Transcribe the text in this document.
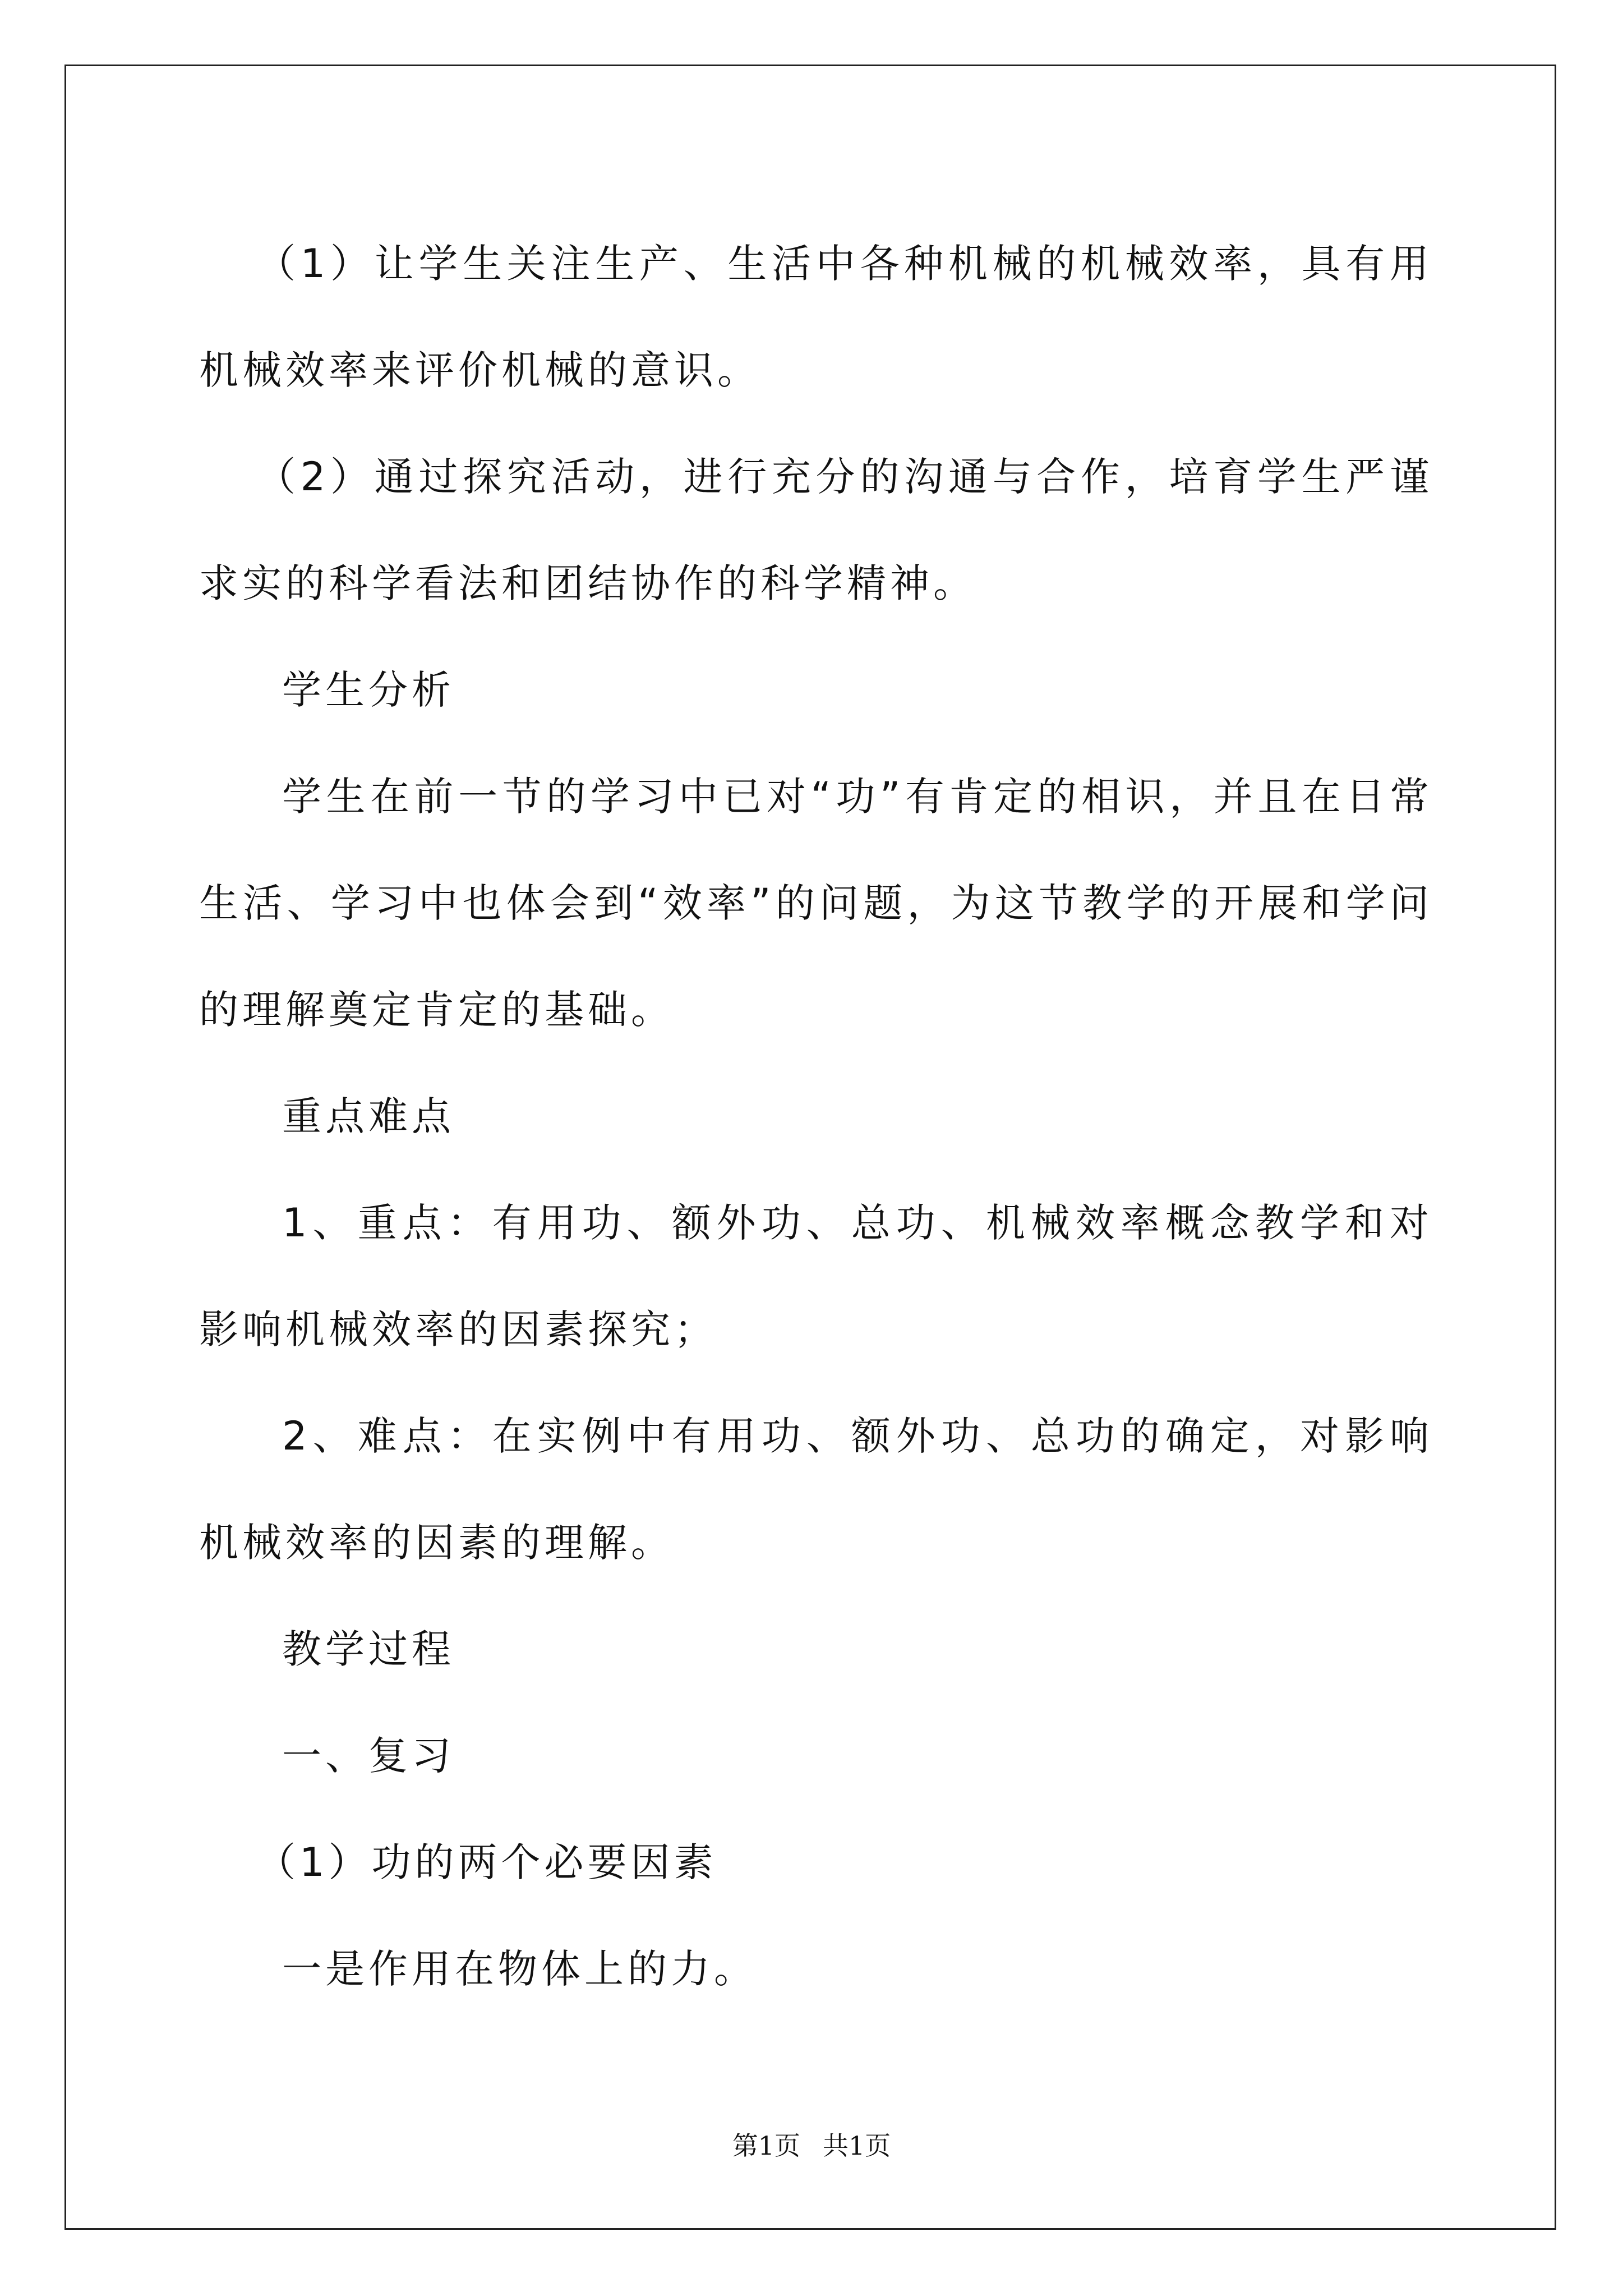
（1）让学生关注生产、生活中各种机械的机械效率，具有用机械效率来评价机械的意识。

（2）通过探究活动，进行充分的沟通与合作，培育学生严谨求实的科学看法和团结协作的科学精神。

学生分析

学生在前一节的学习中已对“功”有肯定的相识，并且在日常生活、学习中也体会到“效率”的问题，为这节教学的开展和学问的理解奠定肯定的基础。

重点难点

1、重点：有用功、额外功、总功、机械效率概念教学和对影响机械效率的因素探究；

2、难点：在实例中有用功、额外功、总功的确定，对影响机械效率的因素的理解。

教学过程

一、复习

（1）功的两个必要因素

一是作用在物体上的力。

第1页 共1页
